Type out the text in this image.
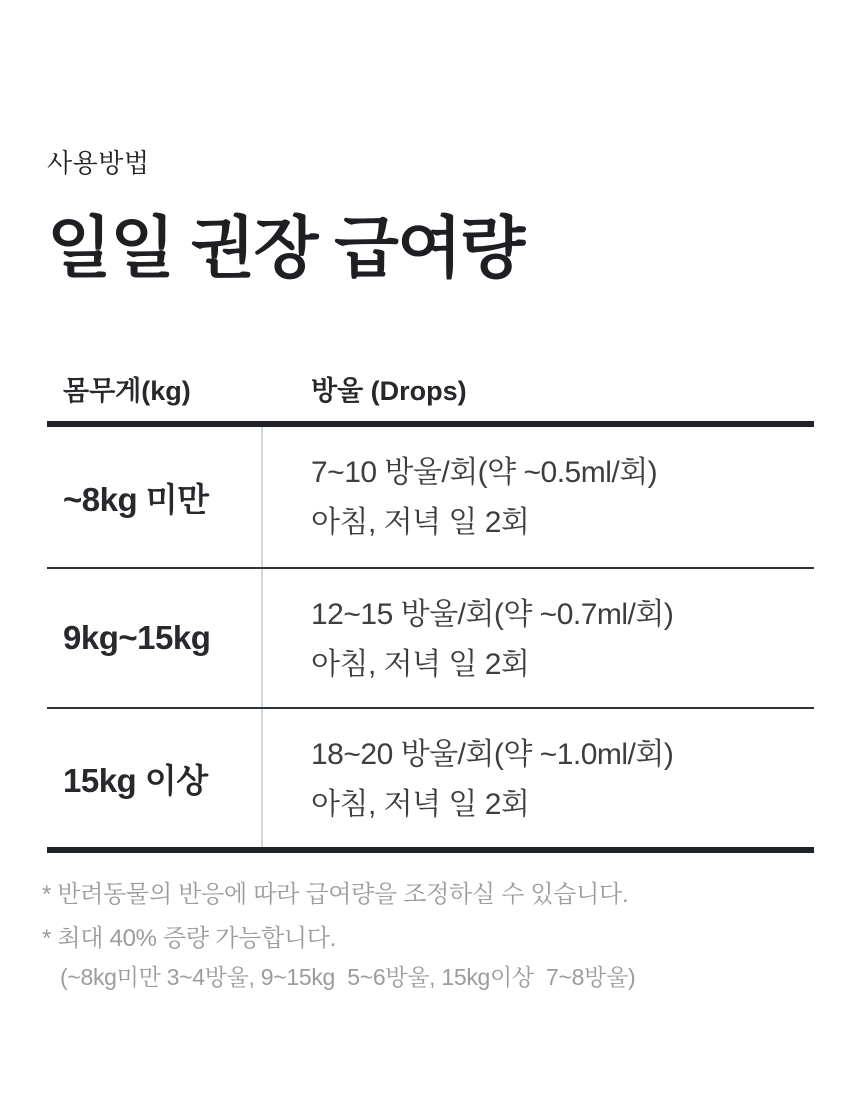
사용방법
일일 권장 급여량
몸무게(kg)	방울 (Drops)
~8kg 미만
7~10 방울/회(약 ~0.5ml/회)
아침, 저녁 일 2회
9kg~15kg
12~15 방울/회(약 ~0.7ml/회)
아침, 저녁 일 2회
15kg 이상
18~20 방울/회(약 ~1.0ml/회)
아침, 저녁 일 2회
* 반려동물의 반응에 따라 급여량을 조정하실 수 있습니다.
* 최대 40% 증량 가능합니다.
(~8kg미만 3~4방울, 9~15kg  5~6방울, 15kg이상  7~8방울)
